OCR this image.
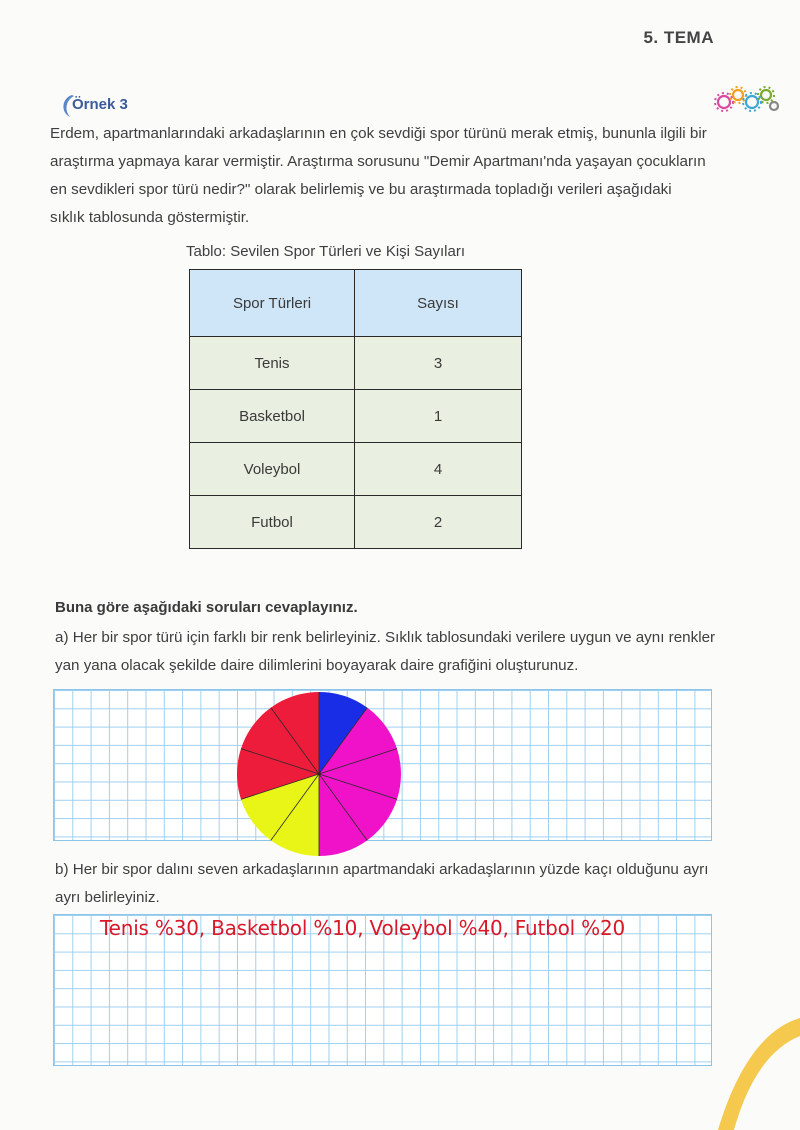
5. TEMA
Örnek 3
Erdem, apartmanlarındaki arkadaşlarının en çok sevdiği spor türünü merak etmiş, bununla ilgili bir araştırma yapmaya karar vermiştir. Araştırma sorusunu "Demir Apartmanı'nda yaşayan çocukların en sevdikleri spor türü nedir?" olarak belirlemiş ve bu araştırmada topladığı verileri aşağıdaki sıklık tablosunda göstermiştir.
Tablo: Sevilen Spor Türleri ve Kişi Sayıları
Spor Türleri	Sayısı
Tenis	3
Basketbol	1
Voleybol	4
Futbol	2
Buna göre aşağıdaki soruları cevaplayınız.
a) Her bir spor türü için farklı bir renk belirleyiniz. Sıklık tablosundaki verilere uygun ve aynı renkler yan yana olacak şekilde daire dilimlerini boyayarak daire grafiğini oluşturunuz.
b) Her bir spor dalını seven arkadaşlarının apartmandaki arkadaşlarının yüzde kaçı olduğunu ayrı ayrı belirleyiniz.
Tenis %30, Basketbol %10, Voleybol %40, Futbol %20
